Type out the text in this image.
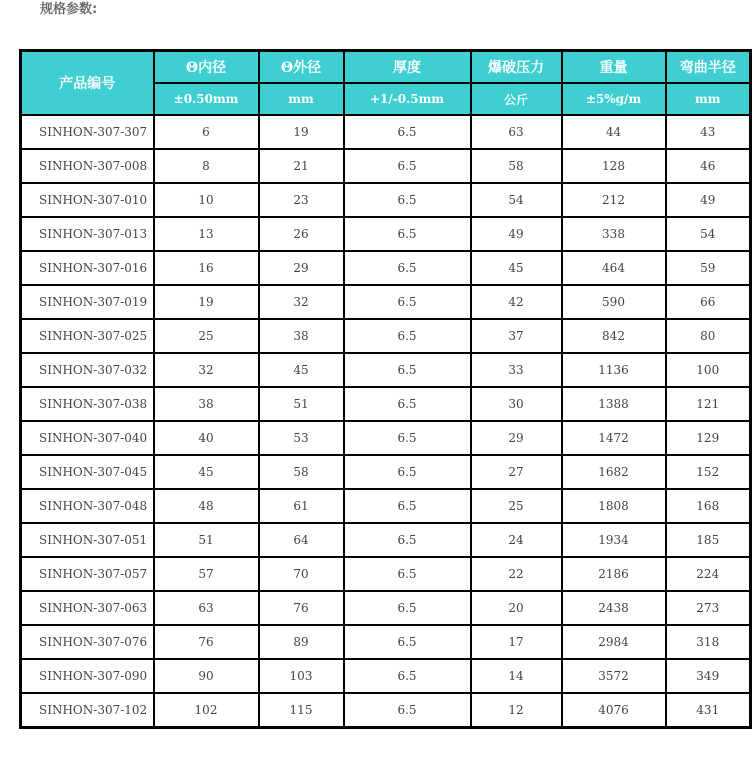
规格参数:
产品编号	Θ内径	Θ外径	厚度	爆破压力	重量	弯曲半径
	±0.50mm	mm	+1/-0.5mm	公斤	±5%g/m	mm
SINHON-307-307	6	19	6.5	63	44	43
SINHON-307-008	8	21	6.5	58	128	46
SINHON-307-010	10	23	6.5	54	212	49
SINHON-307-013	13	26	6.5	49	338	54
SINHON-307-016	16	29	6.5	45	464	59
SINHON-307-019	19	32	6.5	42	590	66
SINHON-307-025	25	38	6.5	37	842	80
SINHON-307-032	32	45	6.5	33	1136	100
SINHON-307-038	38	51	6.5	30	1388	121
SINHON-307-040	40	53	6.5	29	1472	129
SINHON-307-045	45	58	6.5	27	1682	152
SINHON-307-048	48	61	6.5	25	1808	168
SINHON-307-051	51	64	6.5	24	1934	185
SINHON-307-057	57	70	6.5	22	2186	224
SINHON-307-063	63	76	6.5	20	2438	273
SINHON-307-076	76	89	6.5	17	2984	318
SINHON-307-090	90	103	6.5	14	3572	349
SINHON-307-102	102	115	6.5	12	4076	431
